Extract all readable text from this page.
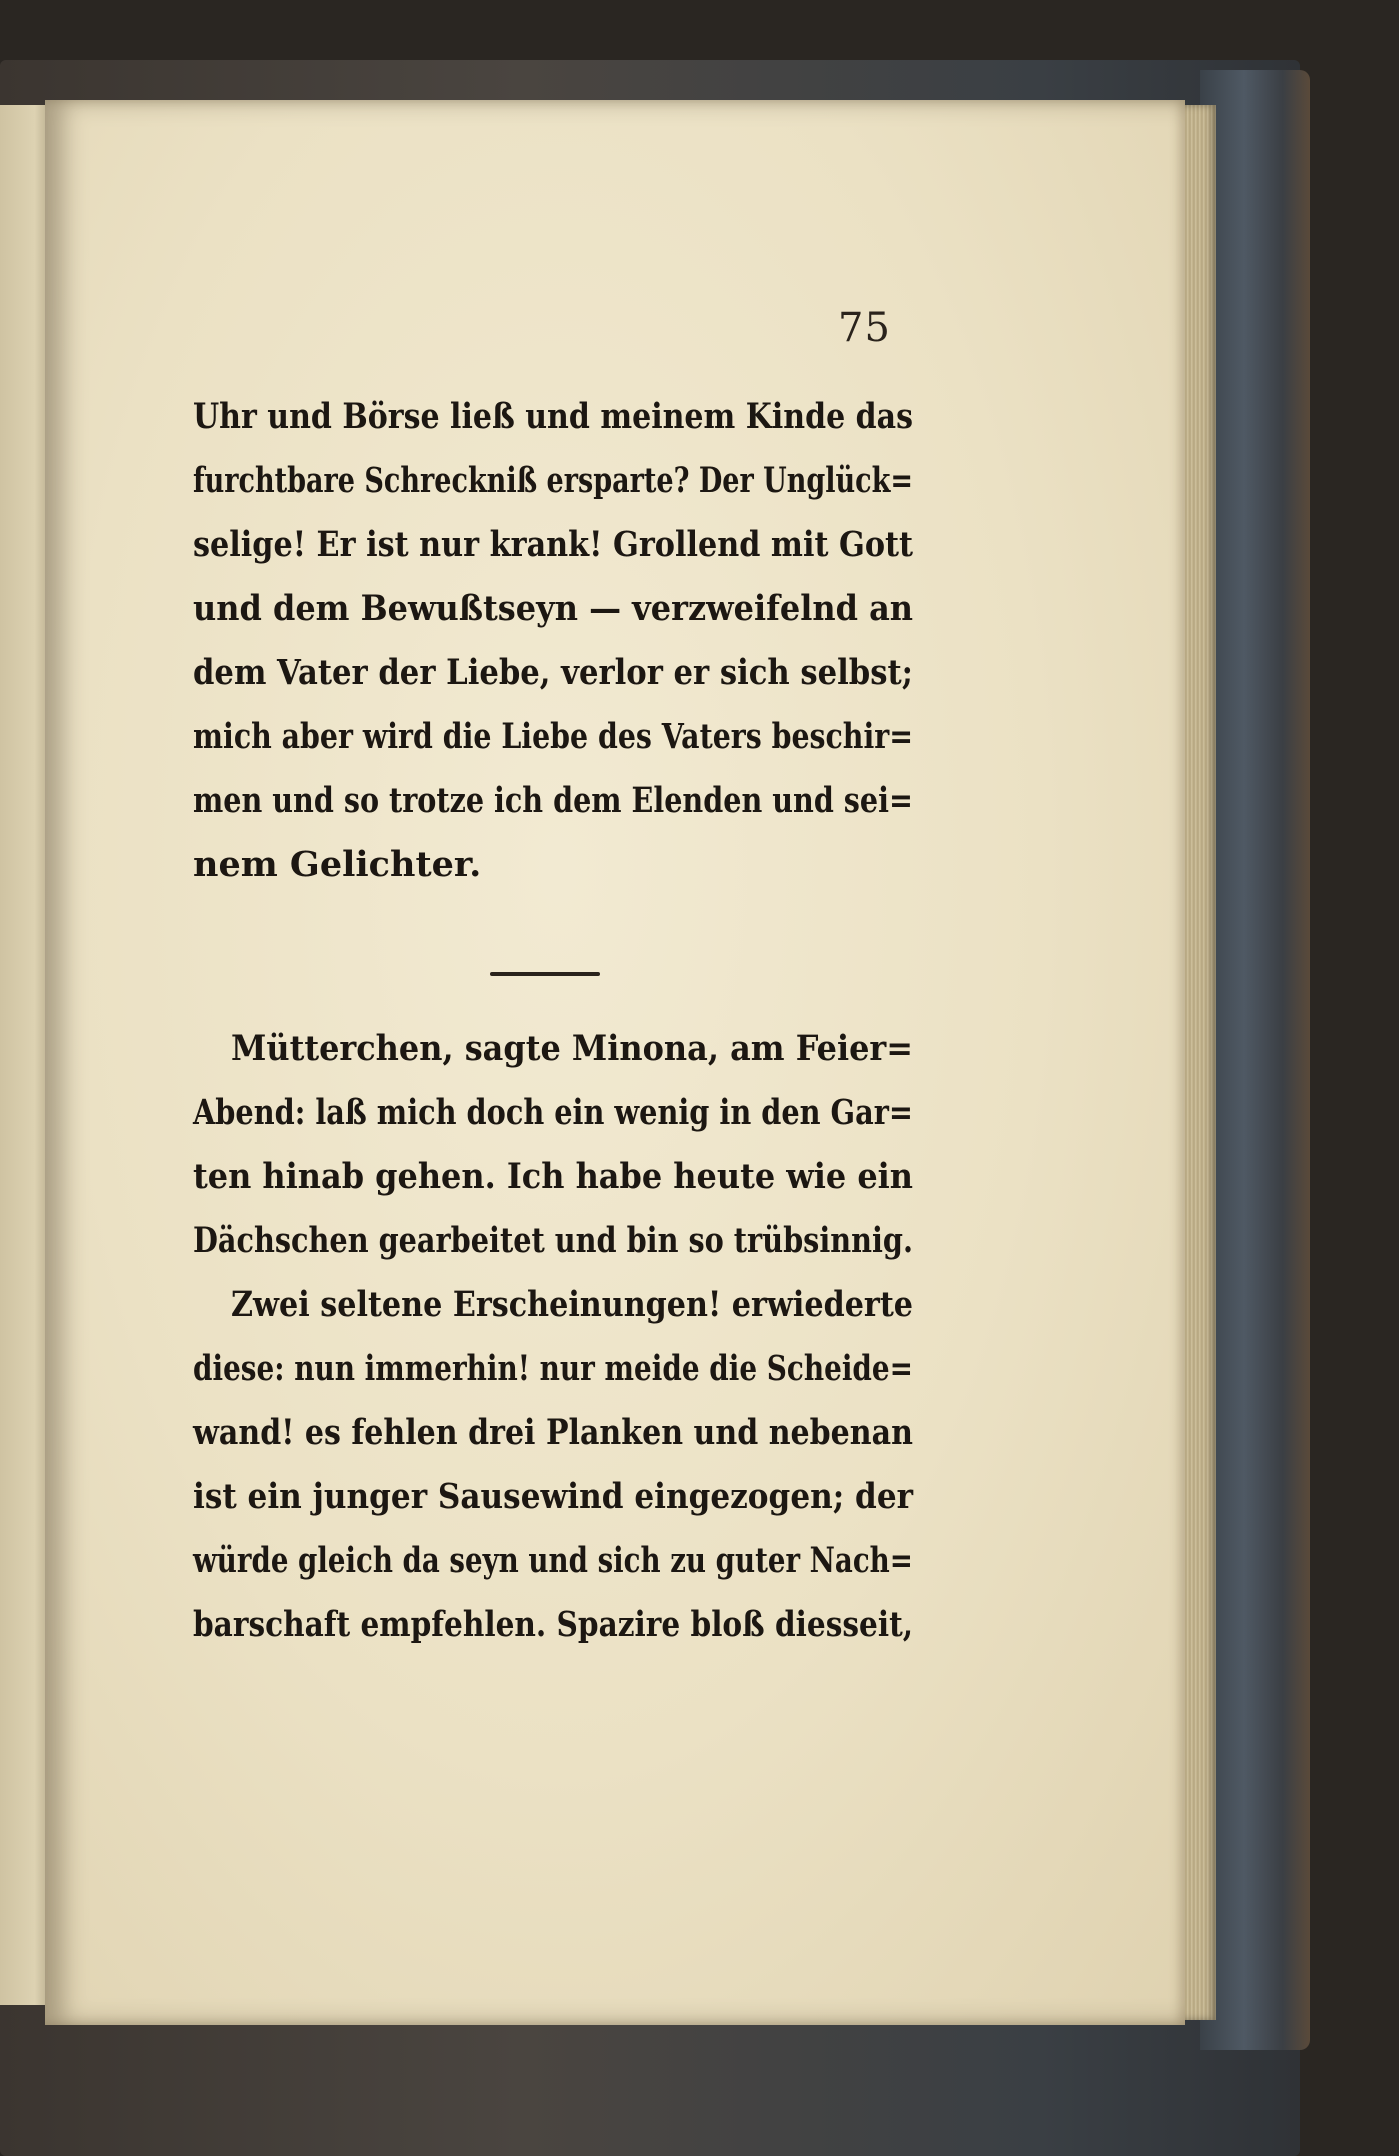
75
Uhr und Börse ließ und meinem Kinde das
furchtbare Schreckniß ersparte? Der Unglück=
selige! Er ist nur krank! Grollend mit Gott
und dem Bewußtseyn — verzweifelnd an
dem Vater der Liebe, verlor er sich selbst;
mich aber wird die Liebe des Vaters beschir=
men und so trotze ich dem Elenden und sei=
nem Gelichter.
Mütterchen, sagte Minona, am Feier=
Abend: laß mich doch ein wenig in den Gar=
ten hinab gehen. Ich habe heute wie ein
Dächschen gearbeitet und bin so trübsinnig.
Zwei seltene Erscheinungen! erwiederte
diese: nun immerhin! nur meide die Scheide=
wand! es fehlen drei Planken und nebenan
ist ein junger Sausewind eingezogen; der
würde gleich da seyn und sich zu guter Nach=
barschaft empfehlen. Spazire bloß diesseit,
